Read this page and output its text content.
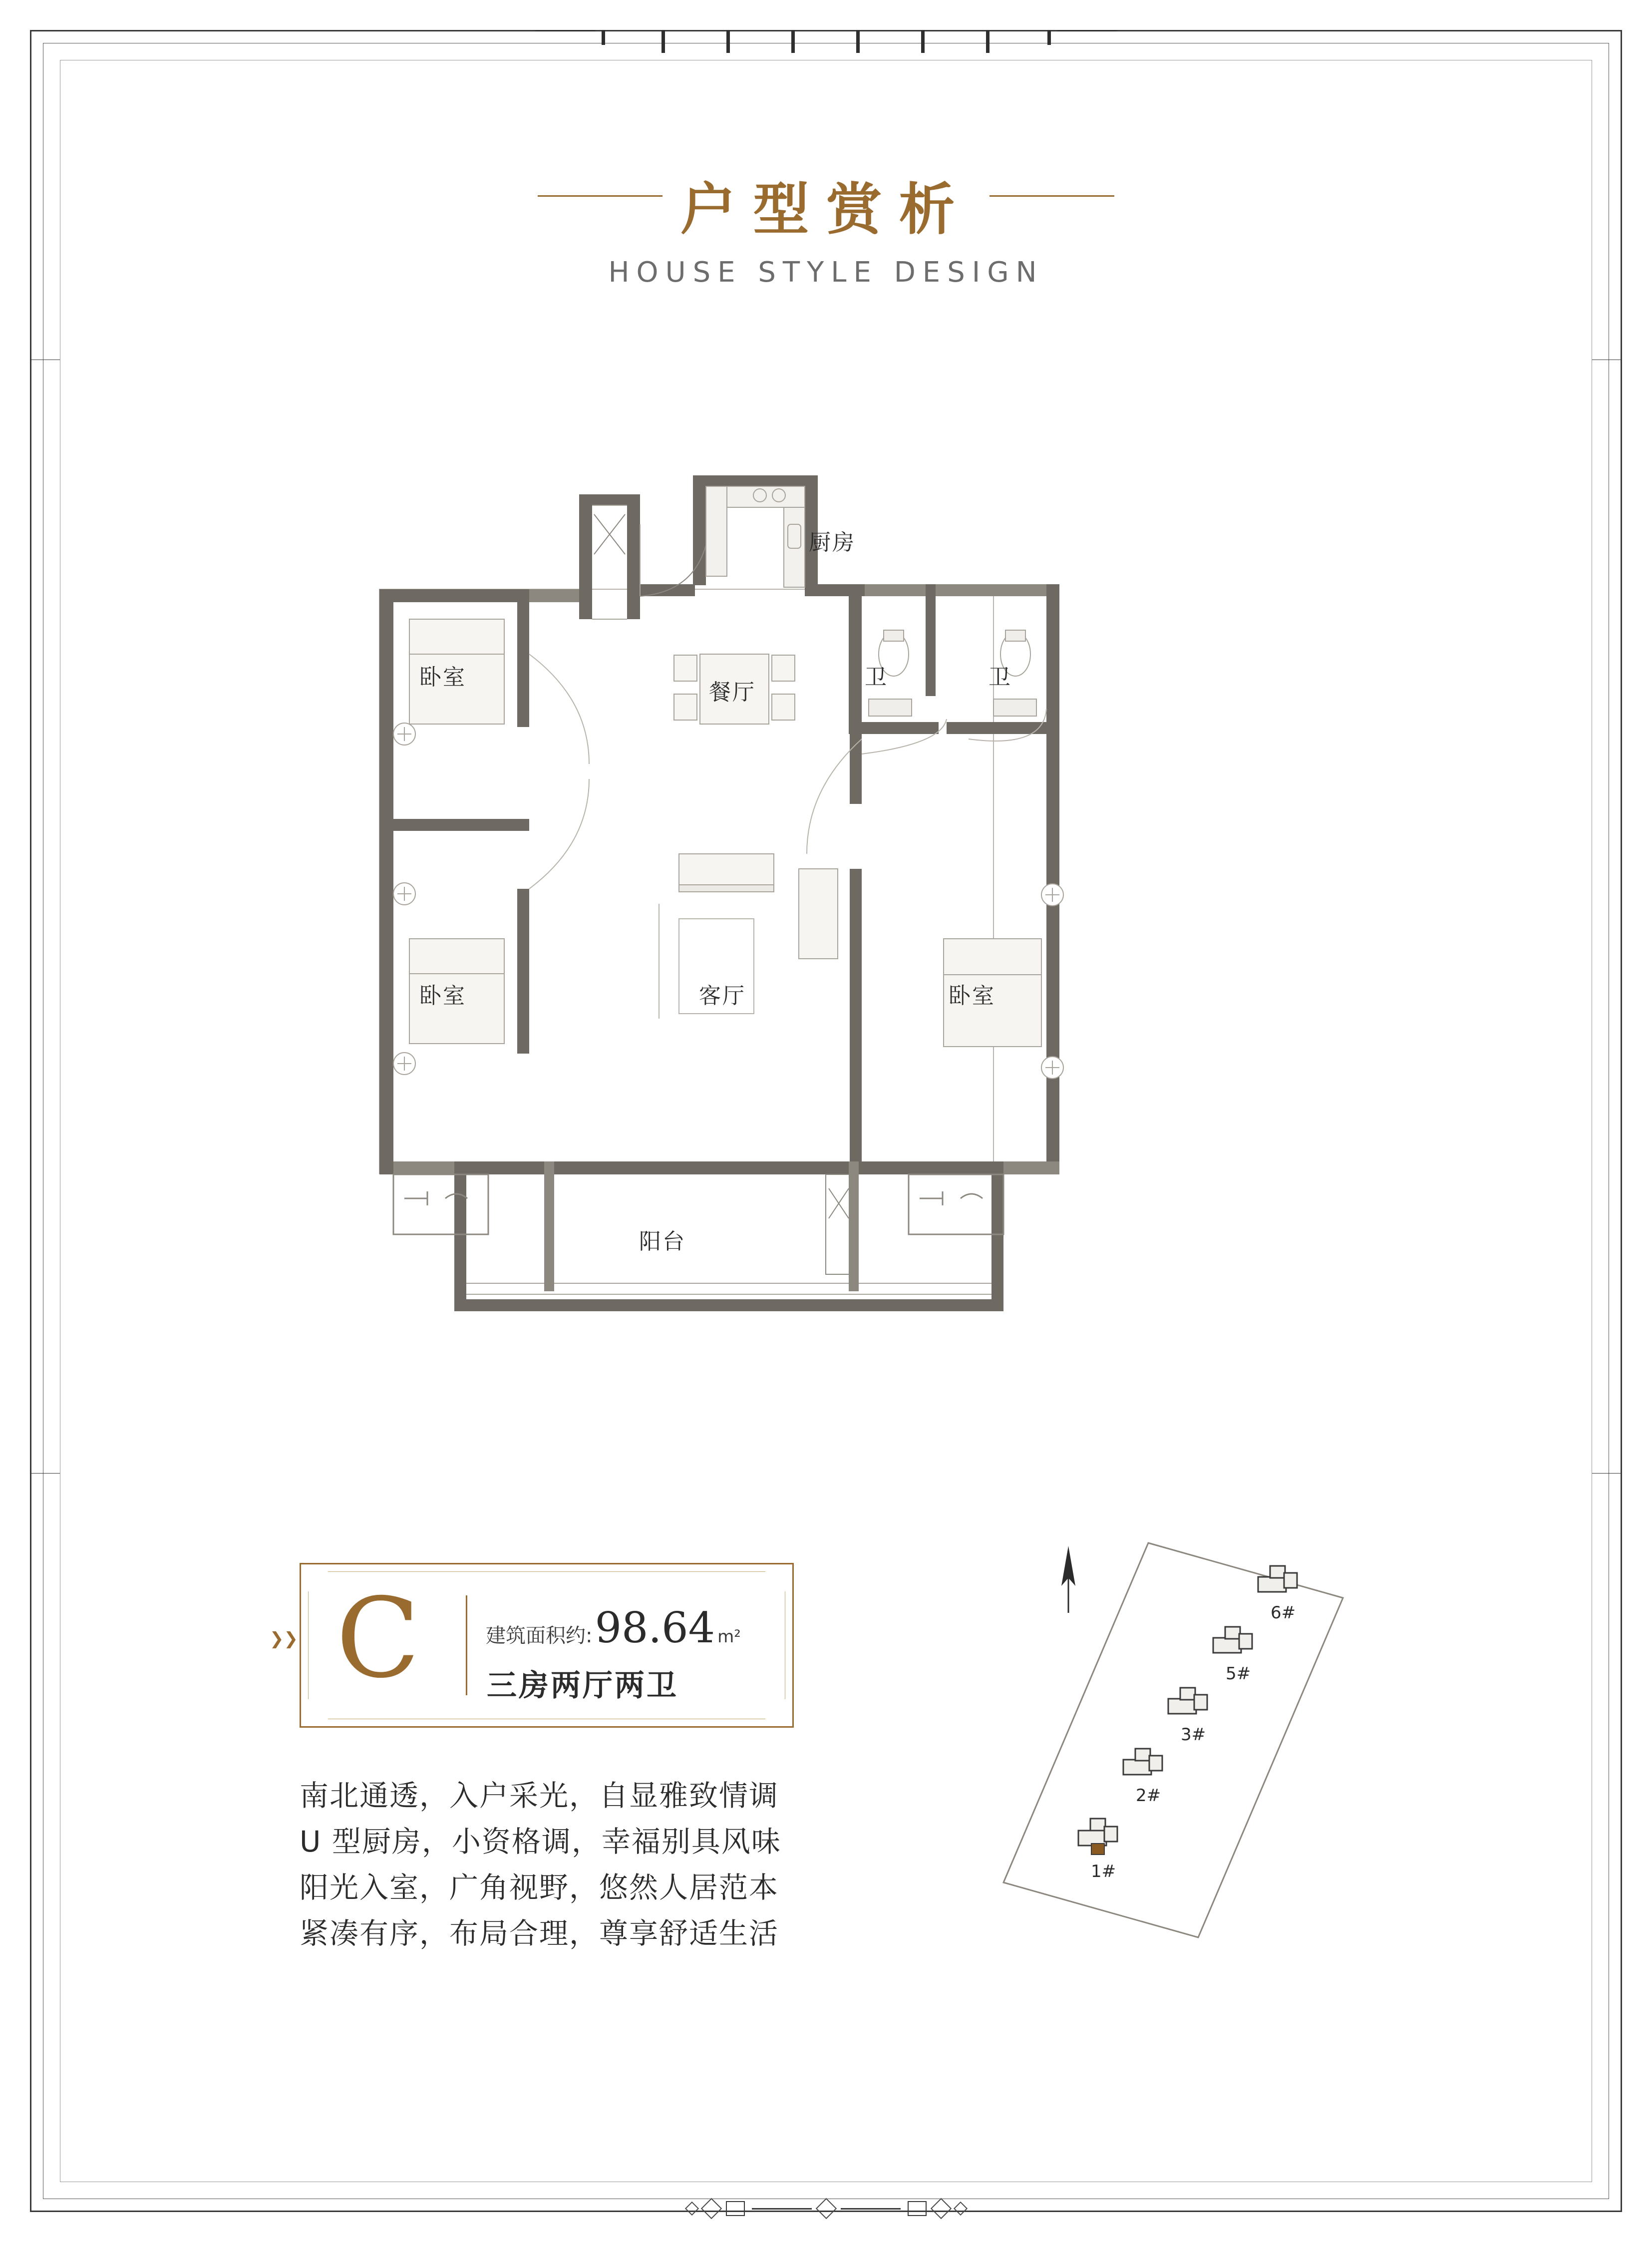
户型赏析
HOUSE STYLE DESIGN
厨房
餐厅
卧室
卧室	卧室
客厅
卫	卫
阳台
❯❯ C	建筑面积约: 98.64 m²
三房两厅两卫
南北通透，入户采光，自显雅致情调
U 型厨房，小资格调，幸福别具风味
阳光入室，广角视野，悠然人居范本
紧凑有序，布局合理，尊享舒适生活
6#
5#
3#
2#
1#
